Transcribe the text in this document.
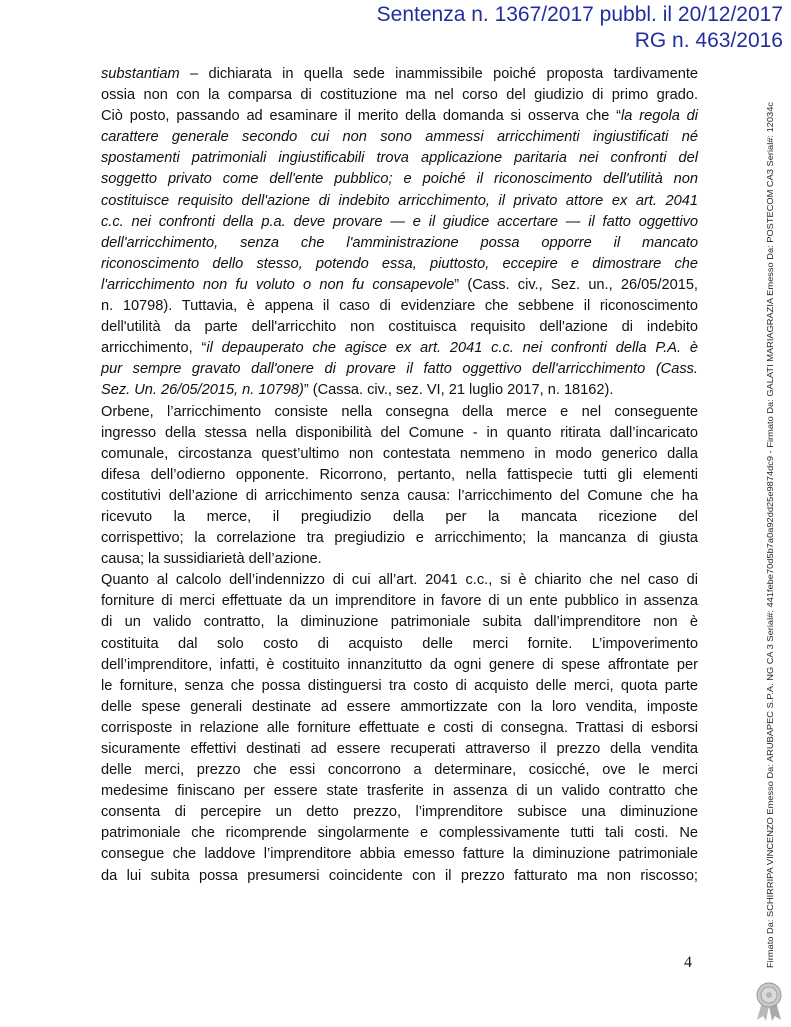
Sentenza n. 1367/2017 pubbl. il 20/12/2017
RG n. 463/2016
substantiam – dichiarata in quella sede inammissibile poiché proposta tardivamente
ossia non con la comparsa di costituzione ma nel corso del giudizio di primo grado.
Ciò posto, passando ad esaminare il merito della domanda si osserva che “la regola di
carattere generale secondo cui non sono ammessi arricchimenti ingiustificati né
spostamenti patrimoniali ingiustificabili trova applicazione paritaria nei confronti del
soggetto privato come dell'ente pubblico; e poiché il riconoscimento dell'utilità non
costituisce requisito dell'azione di indebito arricchimento, il privato attore ex art. 2041
c.c. nei confronti della p.a. deve provare — e il giudice accertare — il fatto oggettivo
dell'arricchimento, senza che l'amministrazione possa opporre il mancato
riconoscimento dello stesso, potendo essa, piuttosto, eccepire e dimostrare che
l'arricchimento non fu voluto o non fu consapevole” (Cass. civ., Sez. un., 26/05/2015,
n. 10798). Tuttavia, è appena il caso di evidenziare che sebbene il riconoscimento
dell'utilità da parte dell'arricchito non costituisca requisito dell'azione di indebito
arricchimento, “il depauperato che agisce ex art. 2041 c.c. nei confronti della P.A. è
pur sempre gravato dall'onere di provare il fatto oggettivo dell'arricchimento (Cass.
Sez. Un. 26/05/2015, n. 10798)” (Cassa. civ., sez. VI, 21 luglio 2017, n. 18162).
Orbene, l’arricchimento consiste nella consegna della merce e nel conseguente
ingresso della stessa nella disponibilità del Comune - in quanto ritirata dall’incaricato
comunale, circostanza quest’ultimo non contestata nemmeno in modo generico dalla
difesa dell’odierno opponente. Ricorrono, pertanto, nella fattispecie tutti gli elementi
costitutivi dell’azione di arricchimento senza causa: l’arricchimento del Comune che ha
ricevuto la merce, il pregiudizio della per la mancata ricezione del
corrispettivo; la correlazione tra pregiudizio e arricchimento; la mancanza di giusta
causa; la sussidiarietà dell’azione.
Quanto al calcolo dell’indennizzo di cui all’art. 2041 c.c., si è chiarito che nel caso di
forniture di merci effettuate da un imprenditore in favore di un ente pubblico in assenza
di un valido contratto, la diminuzione patrimoniale subita dall’imprenditore non è
costituita dal solo costo di acquisto delle merci fornite. L’impoverimento
dell’imprenditore, infatti, è costituito innanzitutto da ogni genere di spese affrontate per
le forniture, senza che possa distinguersi tra costo di acquisto delle merci, quota parte
delle spese generali destinate ad essere ammortizzate con la loro vendita, imposte
corrisposte in relazione alle forniture effettuate e costi di consegna. Trattasi di esborsi
sicuramente effettivi destinati ad essere recuperati attraverso il prezzo della vendita
delle merci, prezzo che essi concorrono a determinare, cosicché, ove le merci
medesime finiscano per essere state trasferite in assenza di un valido contratto che
consenta di percepire un detto prezzo, l’imprenditore subisce una diminuzione
patrimoniale che ricomprende singolarmente e complessivamente tutti tali costi. Ne
consegue che laddove l’imprenditore abbia emesso fatture la diminuzione patrimoniale
da lui subita possa presumersi coincidente con il prezzo fatturato ma non riscosso;
4	Firmato Da: SCHIRRIPA VINCENZO Emesso Da: ARUBAPEC S.P.A. NG CA 3 Serial#: 441febe70d5b7a0a92dd25e9874dc9 - Firmato Da: GALATI MARIAGRAZIA Emesso Da: POSTECOM CA3 Serial#: 12034c
